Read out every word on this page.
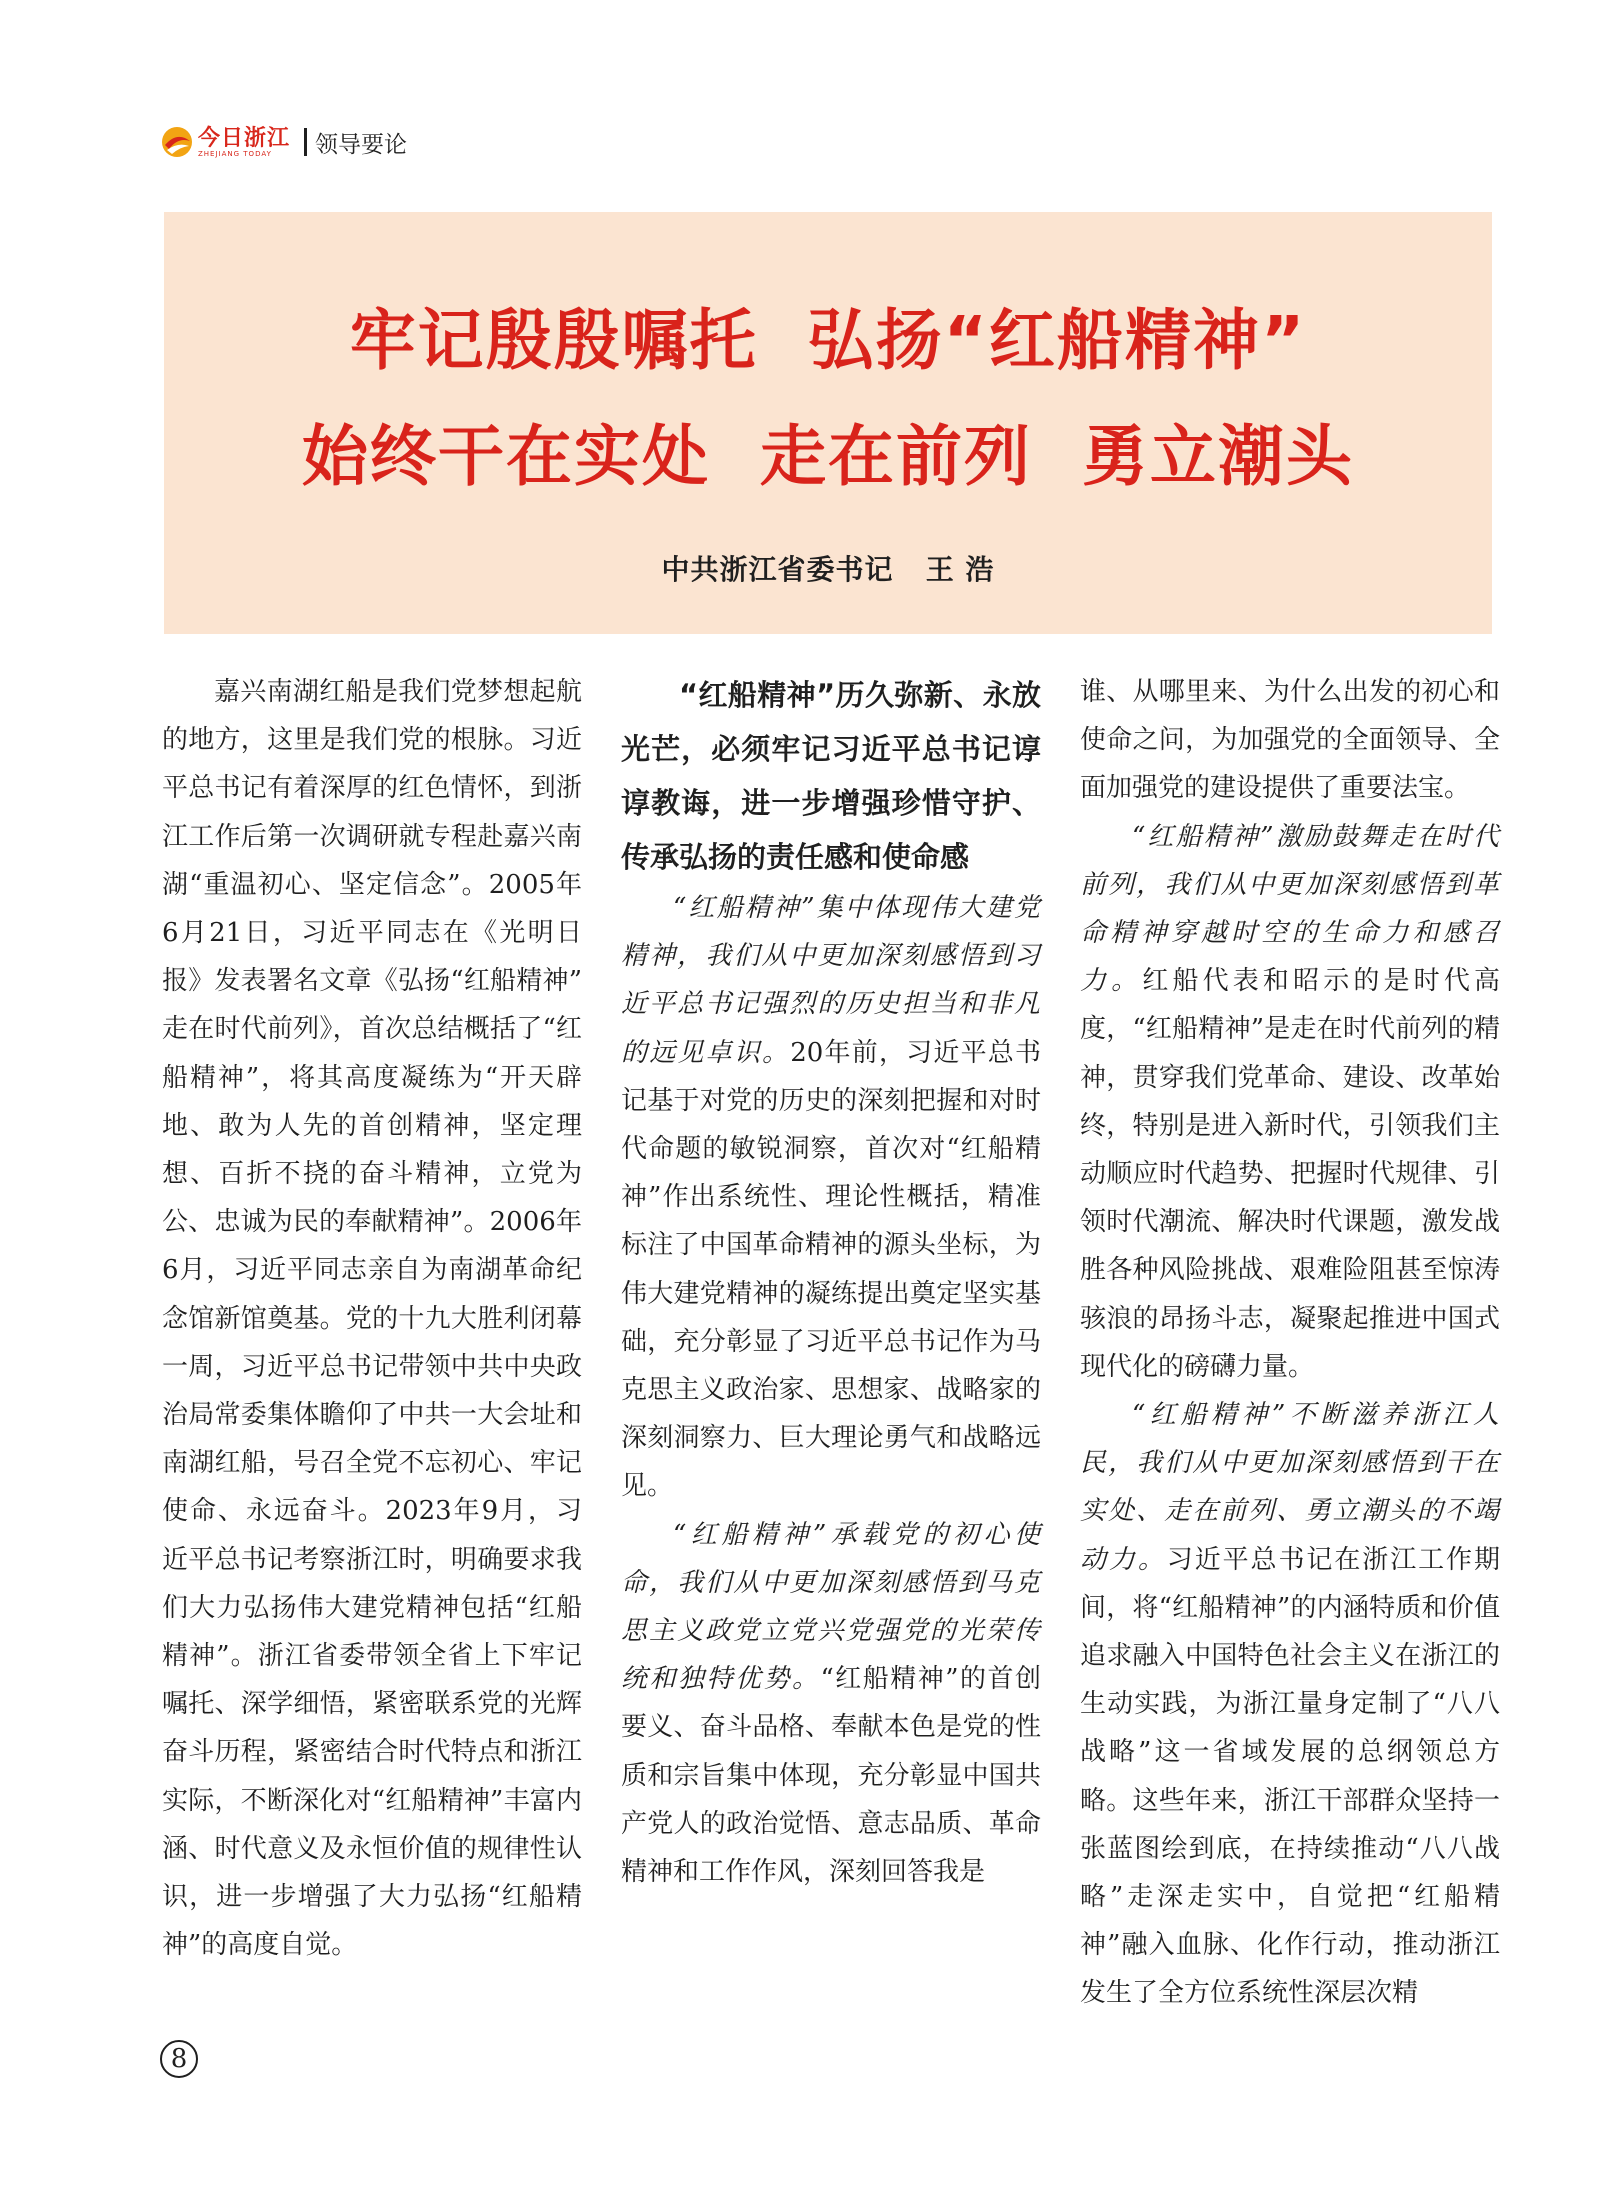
今日浙江
ZHEJIANG TODAY	领导要论
牢记殷殷嘱托  弘扬“红船精神”
始终干在实处  走在前列  勇立潮头
中共浙江省委书记   王 浩

嘉兴南湖红船是我们党梦想起航的地方，这里是我们党的根脉。习近平总书记有着深厚的红色情怀，到浙江工作后第一次调研就专程赴嘉兴南湖“重温初心、坚定信念”。2005年6月21日，习近平同志在《光明日报》发表署名文章《弘扬“红船精神” 走在时代前列》，首次总结概括了“红船精神”，将其高度凝练为“开天辟地、敢为人先的首创精神，坚定理想、百折不挠的奋斗精神，立党为公、忠诚为民的奉献精神”。2006年6月，习近平同志亲自为南湖革命纪念馆新馆奠基。党的十九大胜利闭幕一周，习近平总书记带领中共中央政治局常委集体瞻仰了中共一大会址和南湖红船，号召全党不忘初心、牢记使命、永远奋斗。2023年9月，习近平总书记考察浙江时，明确要求我们大力弘扬伟大建党精神包括“红船精神”。浙江省委带领全省上下牢记嘱托、深学细悟，紧密联系党的光辉奋斗历程，紧密结合时代特点和浙江实际，不断深化对“红船精神”丰富内涵、时代意义及永恒价值的规律性认识，进一步增强了大力弘扬“红船精神”的高度自觉。

“红船精神”历久弥新、永放光芒，必须牢记习近平总书记谆谆教诲，进一步增强珍惜守护、传承弘扬的责任感和使命感

“红船精神”集中体现伟大建党精神，我们从中更加深刻感悟到习近平总书记强烈的历史担当和非凡的远见卓识。20年前，习近平总书记基于对党的历史的深刻把握和对时代命题的敏锐洞察，首次对“红船精神”作出系统性、理论性概括，精准标注了中国革命精神的源头坐标，为伟大建党精神的凝练提出奠定坚实基础，充分彰显了习近平总书记作为马克思主义政治家、思想家、战略家的深刻洞察力、巨大理论勇气和战略远见。

“红船精神”承载党的初心使命，我们从中更加深刻感悟到马克思主义政党立党兴党强党的光荣传统和独特优势。“红船精神”的首创要义、奋斗品格、奉献本色是党的性质和宗旨集中体现，充分彰显中国共产党人的政治觉悟、意志品质、革命精神和工作作风，深刻回答我是

谁、从哪里来、为什么出发的初心和使命之问，为加强党的全面领导、全面加强党的建设提供了重要法宝。

“红船精神”激励鼓舞走在时代前列，我们从中更加深刻感悟到革命精神穿越时空的生命力和感召力。红船代表和昭示的是时代高度，“红船精神”是走在时代前列的精神，贯穿我们党革命、建设、改革始终，特别是进入新时代，引领我们主动顺应时代趋势、把握时代规律、引领时代潮流、解决时代课题，激发战胜各种风险挑战、艰难险阻甚至惊涛骇浪的昂扬斗志，凝聚起推进中国式现代化的磅礴力量。

“红船精神”不断滋养浙江人民，我们从中更加深刻感悟到干在实处、走在前列、勇立潮头的不竭动力。习近平总书记在浙江工作期间，将“红船精神”的内涵特质和价值追求融入中国特色社会主义在浙江的生动实践，为浙江量身定制了“八八战略”这一省域发展的总纲领总方略。这些年来，浙江干部群众坚持一张蓝图绘到底，在持续推动“八八战略”走深走实中，自觉把“红船精神”融入血脉、化作行动，推动浙江发生了全方位系统性深层次精

8
